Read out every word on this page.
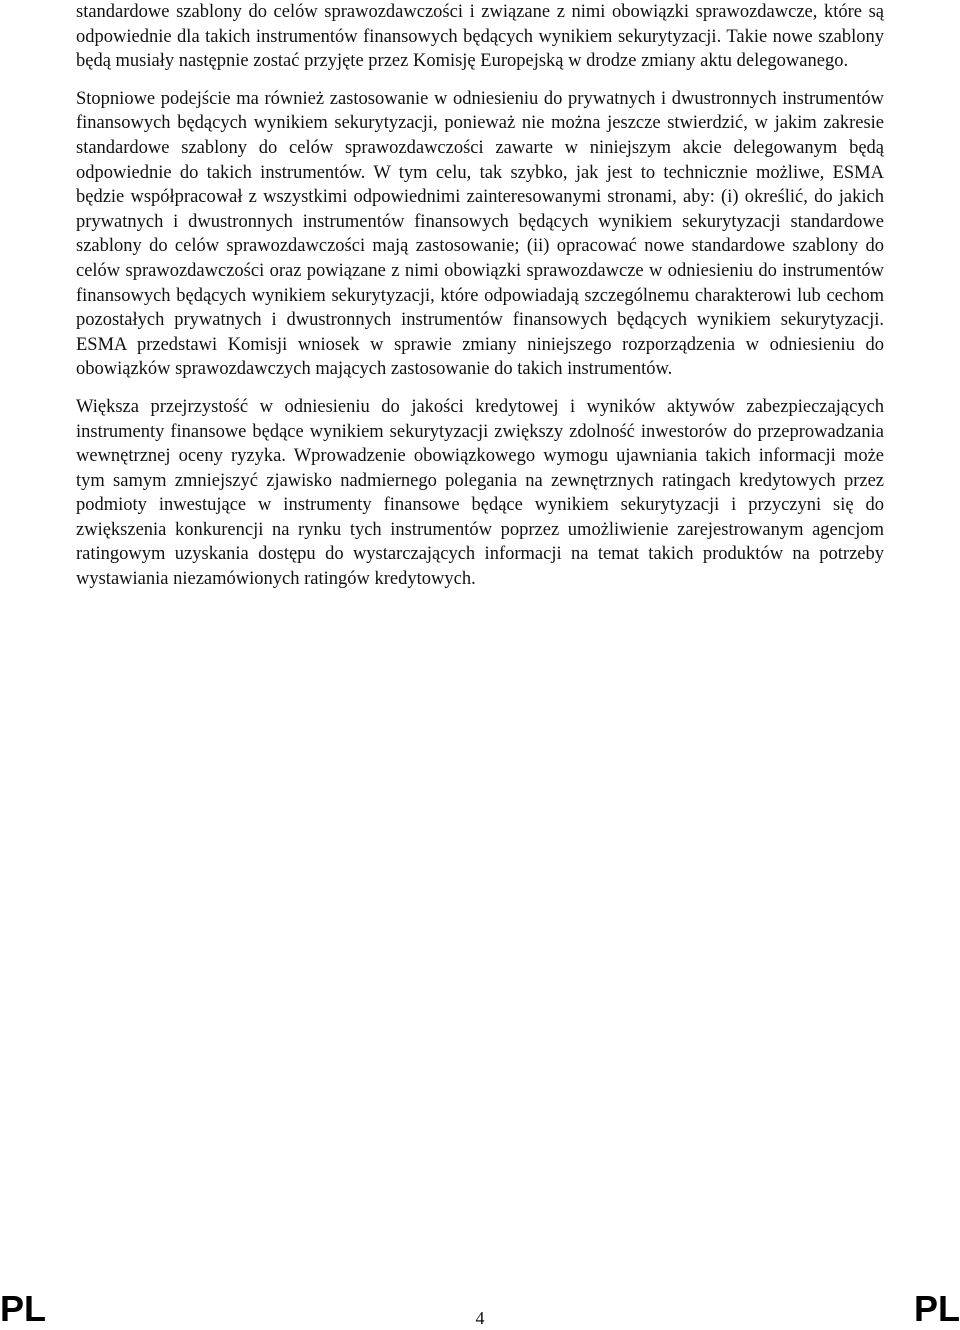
standardowe szablony do celów sprawozdawczości i związane z nimi obowiązki sprawozdawcze, które są odpowiednie dla takich instrumentów finansowych będących wynikiem sekurytyzacji. Takie nowe szablony będą musiały następnie zostać przyjęte przez Komisję Europejską w drodze zmiany aktu delegowanego.

Stopniowe podejście ma również zastosowanie w odniesieniu do prywatnych i dwustronnych instrumentów finansowych będących wynikiem sekurytyzacji, ponieważ nie można jeszcze stwierdzić, w jakim zakresie standardowe szablony do celów sprawozdawczości zawarte w niniejszym akcie delegowanym będą odpowiednie do takich instrumentów. W tym celu, tak szybko, jak jest to technicznie możliwe, ESMA będzie współpracował z wszystkimi odpowiednimi zainteresowanymi stronami, aby: (i) określić, do jakich prywatnych i dwustronnych instrumentów finansowych będących wynikiem sekurytyzacji standardowe szablony do celów sprawozdawczości mają zastosowanie; (ii) opracować nowe standardowe szablony do celów sprawozdawczości oraz powiązane z nimi obowiązki sprawozdawcze w odniesieniu do instrumentów finansowych będących wynikiem sekurytyzacji, które odpowiadają szczególnemu charakterowi lub cechom pozostałych prywatnych i dwustronnych instrumentów finansowych będących wynikiem sekurytyzacji. ESMA przedstawi Komisji wniosek w sprawie zmiany niniejszego rozporządzenia w odniesieniu do obowiązków sprawozdawczych mających zastosowanie do takich instrumentów.

Większa przejrzystość w odniesieniu do jakości kredytowej i wyników aktywów zabezpieczających instrumenty finansowe będące wynikiem sekurytyzacji zwiększy zdolność inwestorów do przeprowadzania wewnętrznej oceny ryzyka. Wprowadzenie obowiązkowego wymogu ujawniania takich informacji może tym samym zmniejszyć zjawisko nadmiernego polegania na zewnętrznych ratingach kredytowych przez podmioty inwestujące w instrumenty finansowe będące wynikiem sekurytyzacji i przyczyni się do zwiększenia konkurencji na rynku tych instrumentów poprzez umożliwienie zarejestrowanym agencjom ratingowym uzyskania dostępu do wystarczających informacji na temat takich produktów na potrzeby wystawiania niezamówionych ratingów kredytowych.

PL	4	PL
